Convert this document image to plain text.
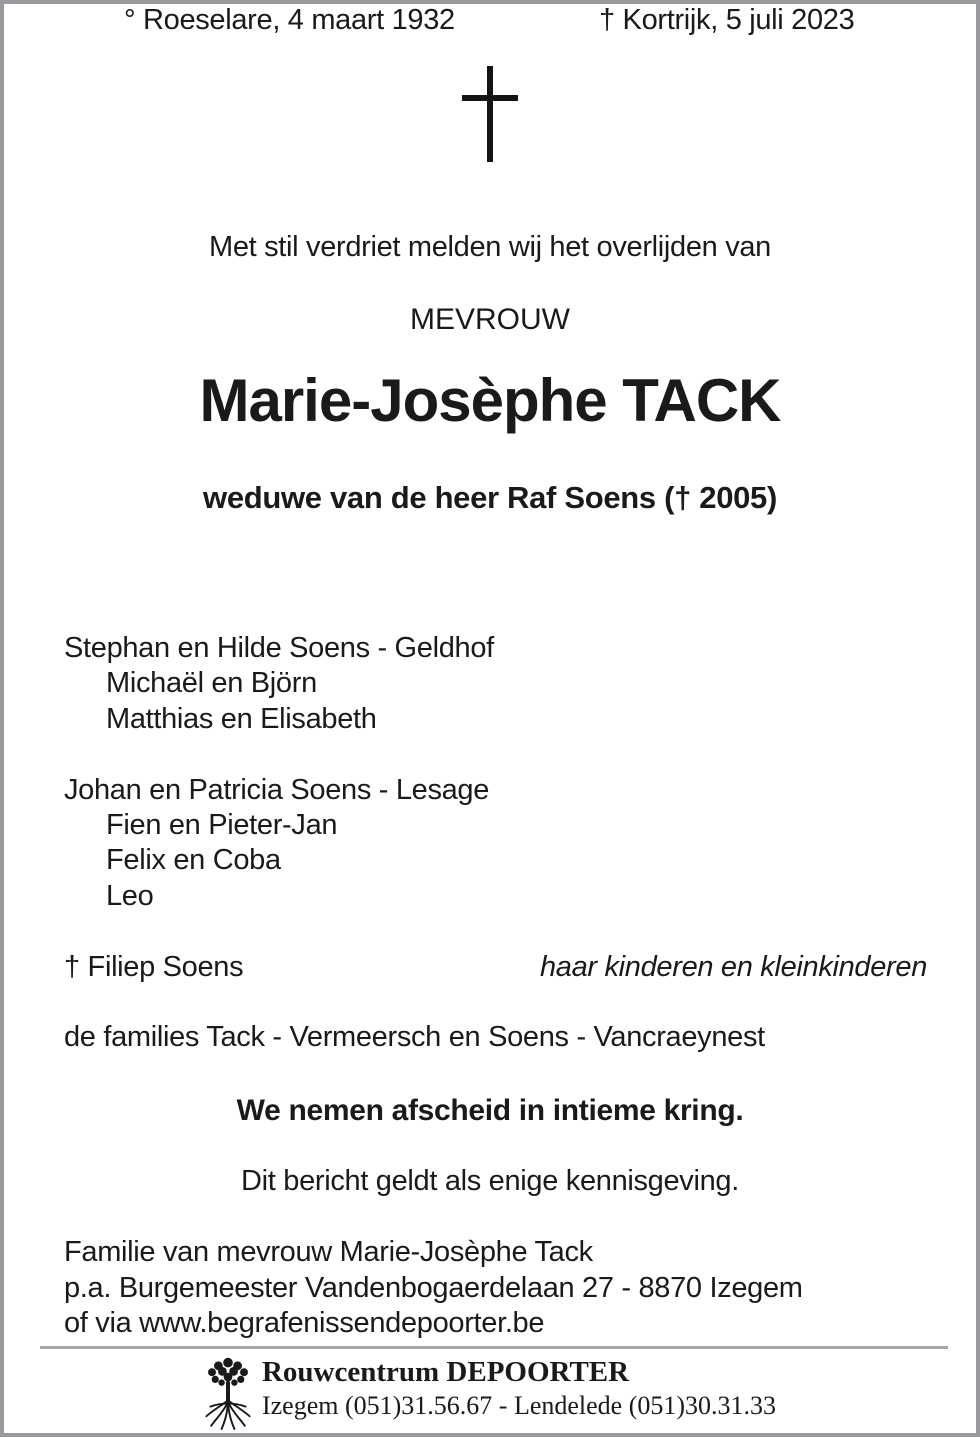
Met stil verdriet melden wij het overlijden van
MEVROUW
Marie-Josèphe TACK
weduwe van de heer Raf Soens († 2005)
° Roeselare, 4 maart 1932	† Kortrijk, 5 juli 2023
Stephan en Hilde Soens - Geldhof
Michaël en Björn
Matthias en Elisabeth
Johan en Patricia Soens - Lesage
Fien en Pieter-Jan
Felix en Coba
Leo
† Filiep Soens	haar kinderen en kleinkinderen
de families Tack - Vermeersch en Soens - Vancraeynest
We nemen afscheid in intieme kring.
Dit bericht geldt als enige kennisgeving.
Familie van mevrouw Marie-Josèphe Tack
p.a. Burgemeester Vandenbogaerdelaan 27 - 8870 Izegem
of via www.begrafenissendepoorter.be
Rouwcentrum DEPOORTER
Izegem (051)31.56.67 - Lendelede (051)30.31.33
